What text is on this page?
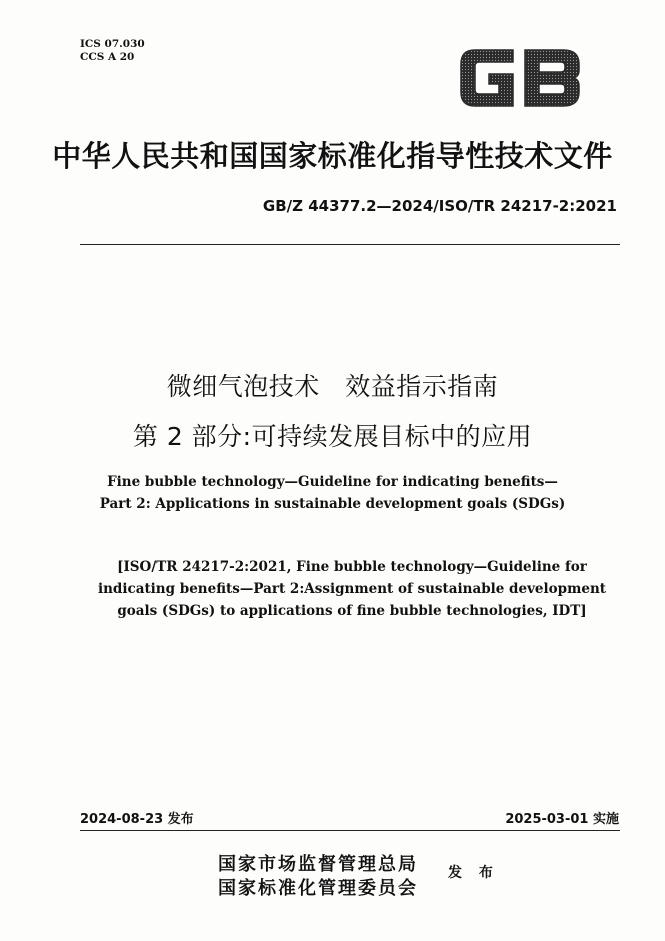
ICS 07.030
CCS A 20
中华人民共和国国家标准化指导性技术文件
GB/Z 44377.2—2024/ISO/TR 24217-2:2021
微细气泡技术　效益指示指南
第 2 部分:可持续发展目标中的应用
Fine bubble technology—Guideline for indicating benefits—
Part 2: Applications in sustainable development goals (SDGs)
[ISO/TR 24217-2:2021, Fine bubble technology—Guideline for indicating benefits—Part 2:Assignment of sustainable development goals (SDGs) to applications of fine bubble technologies, IDT]
2024-08-23 发布	2025-03-01 实施
国家市场监督管理总局
国家标准化管理委员会
发 布
